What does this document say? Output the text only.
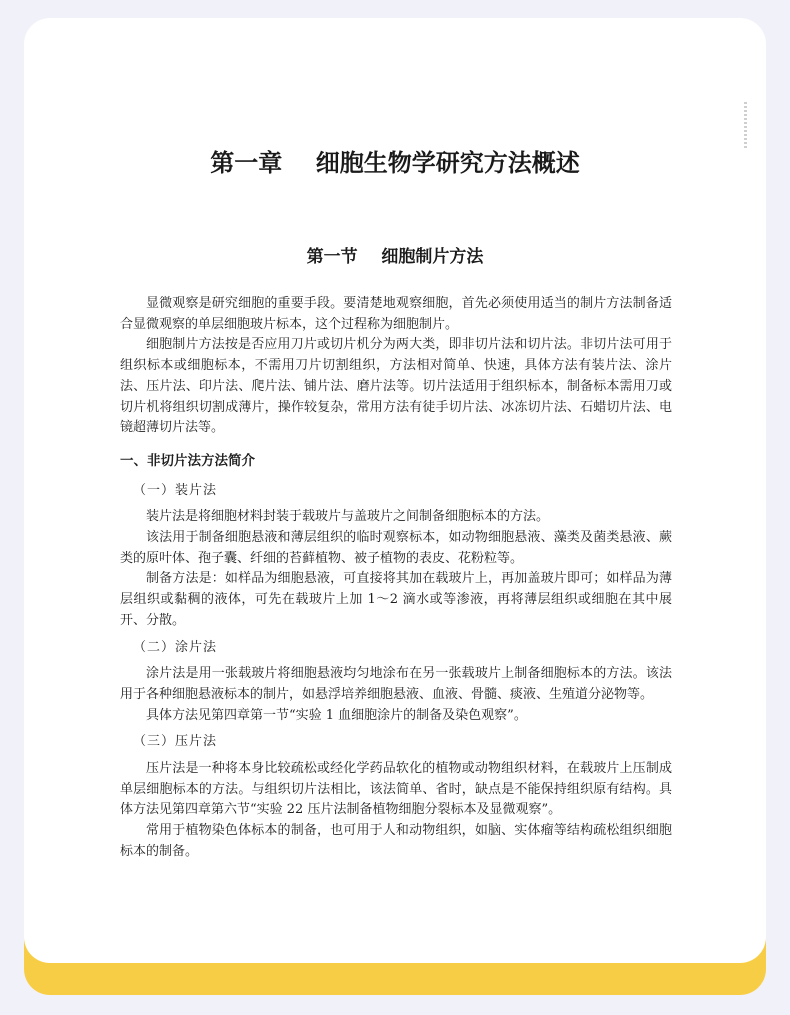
第一章    细胞生物学研究方法概述
第一节    细胞制片方法

显微观察是研究细胞的重要手段。要清楚地观察细胞，首先必须使用适当的制片方法制备适合显微观察的单层细胞玻片标本，这个过程称为细胞制片。

细胞制片方法按是否应用刀片或切片机分为两大类，即非切片法和切片法。非切片法可用于组织标本或细胞标本，不需用刀片切割组织，方法相对简单、快速，具体方法有装片法、涂片法、压片法、印片法、爬片法、铺片法、磨片法等。切片法适用于组织标本，制备标本需用刀或切片机将组织切割成薄片，操作较复杂，常用方法有徒手切片法、冰冻切片法、石蜡切片法、电镜超薄切片法等。

一、非切片法方法简介

（一）装片法

装片法是将细胞材料封装于载玻片与盖玻片之间制备细胞标本的方法。

该法用于制备细胞悬液和薄层组织的临时观察标本，如动物细胞悬液、藻类及菌类悬液、蕨类的原叶体、孢子囊、纤细的苔藓植物、被子植物的表皮、花粉粒等。

制备方法是：如样品为细胞悬液，可直接将其加在载玻片上，再加盖玻片即可；如样品为薄层组织或黏稠的液体，可先在载玻片上加 1～2 滴水或等渗液，再将薄层组织或细胞在其中展开、分散。

（二）涂片法

涂片法是用一张载玻片将细胞悬液均匀地涂布在另一张载玻片上制备细胞标本的方法。该法用于各种细胞悬液标本的制片，如悬浮培养细胞悬液、血液、骨髓、痰液、生殖道分泌物等。

具体方法见第四章第一节“实验 1 血细胞涂片的制备及染色观察”。

（三）压片法

压片法是一种将本身比较疏松或经化学药品软化的植物或动物组织材料，在载玻片上压制成单层细胞标本的方法。与组织切片法相比，该法简单、省时，缺点是不能保持组织原有结构。具体方法见第四章第六节“实验 22 压片法制备植物细胞分裂标本及显微观察”。

常用于植物染色体标本的制备，也可用于人和动物组织，如脑、实体瘤等结构疏松组织细胞标本的制备。
